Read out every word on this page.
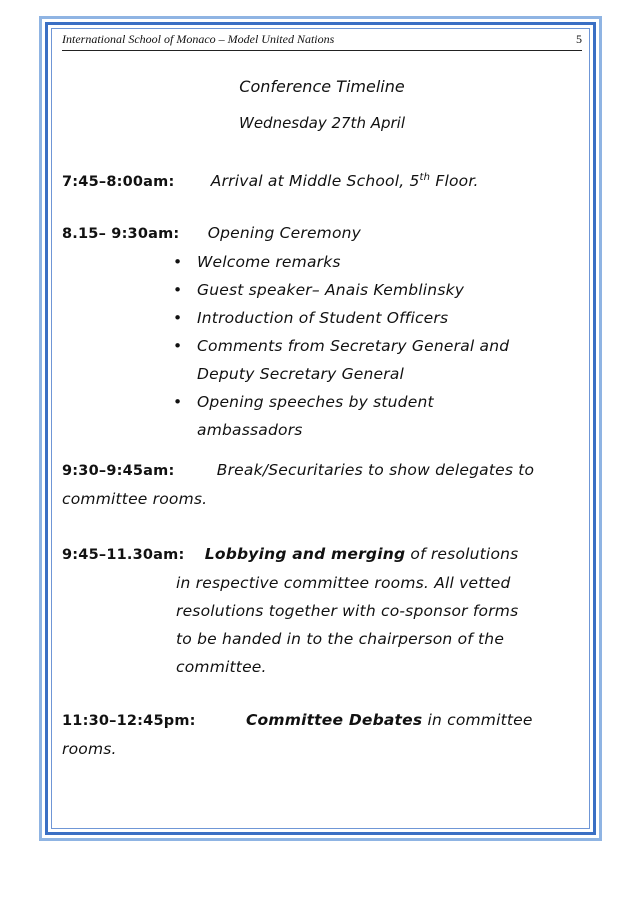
International School of Monaco – Model United Nations	5
Conference Timeline
Wednesday 27th April
7:45–8:00am: Arrival at Middle School, 5th Floor.
8.15– 9:30am: Opening Ceremony
• Welcome remarks
• Guest speaker– Anais Kemblinsky
• Introduction of Student Officers
• Comments from Secretary General and Deputy Secretary General
• Opening speeches by student ambassadors
9:30–9:45am:	Break/Securitaries to show delegates to
committee rooms.
9:45–11.30am: Lobbying and merging of resolutions
in respective committee rooms. All vetted
resolutions together with co-sponsor forms
to be handed in to the chairperson of the
committee.
11:30–12:45pm:	Committee Debates in committee
rooms.
